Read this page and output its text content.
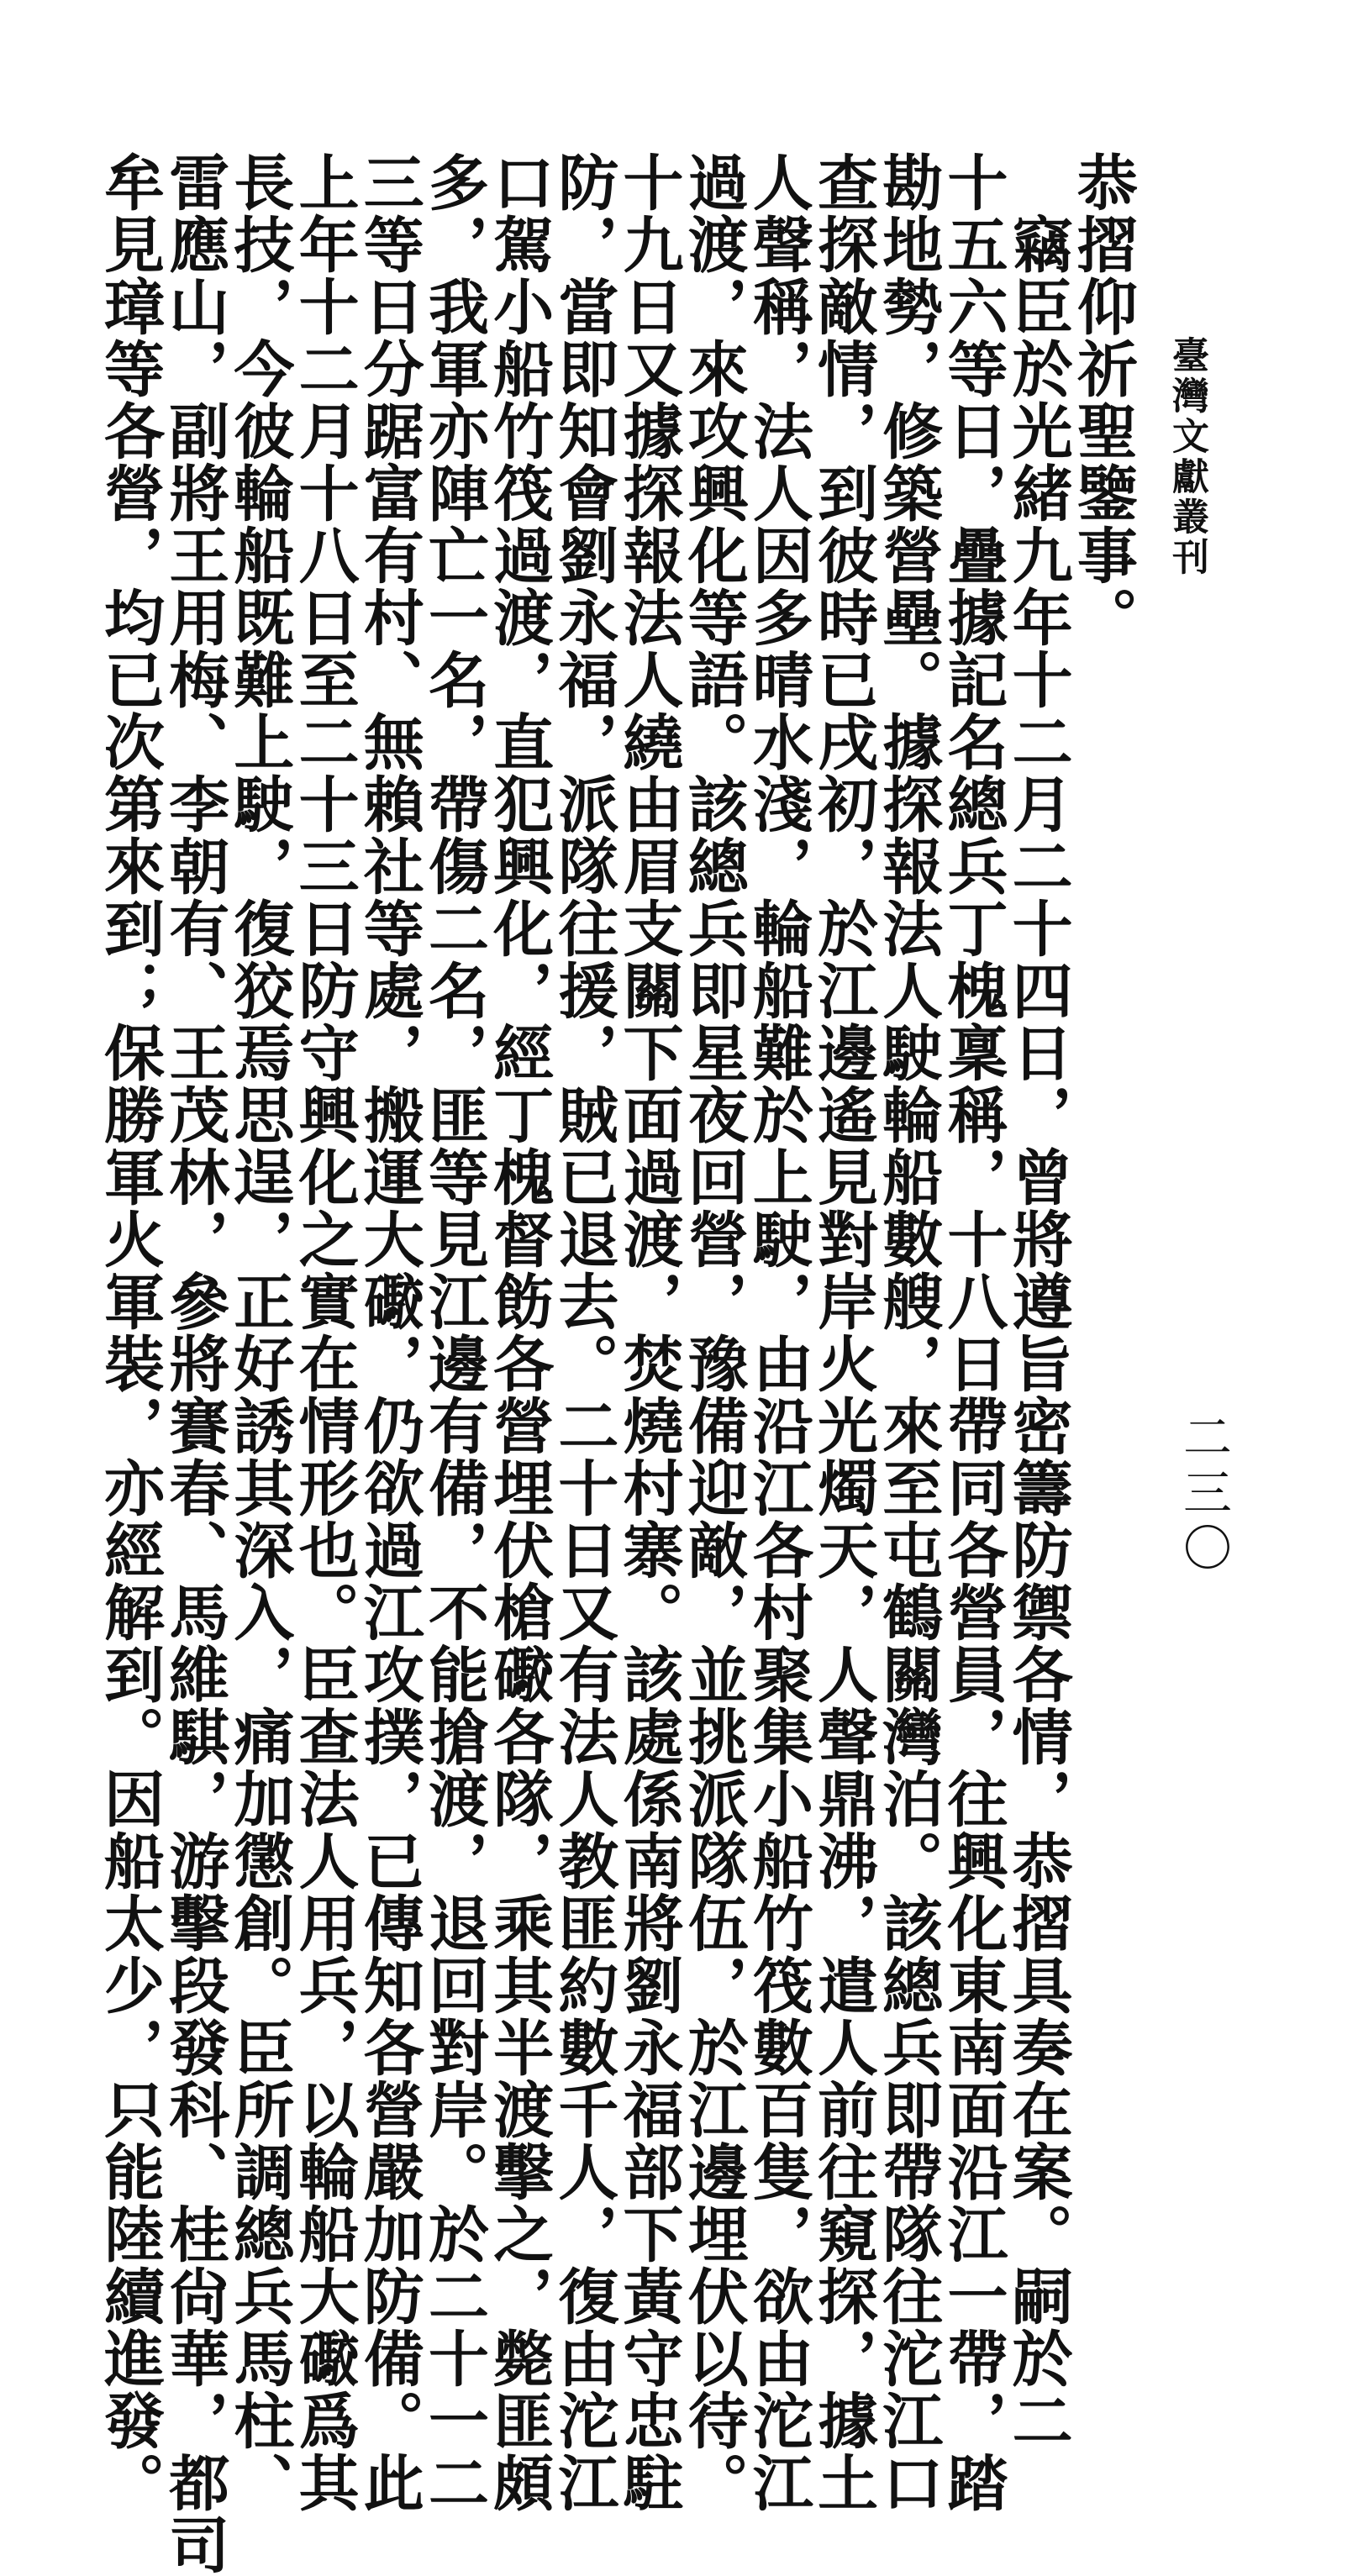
臺灣文獻叢刊
二三〇
恭摺仰祈聖鑒事。
　竊臣於光緒九年十二月二十四日，曾將遵旨密籌防禦各情，恭摺具奏在案。嗣於二
十五六等日，疊據記名總兵丁槐稟稱，十八日帶同各營員，往興化東南面沿江一帶，踏
勘地勢，修築營壘。據探報法人駛輪船數艘，來至屯鶴關灣泊。該總兵即帶隊往沱江口
查探敵情，到彼時已戌初，於江邊遙見對岸火光燭天，人聲鼎沸，遣人前往窺探，據土
人聲稱，法人因多晴水淺，輪船難於上駛，由沿江各村聚集小船竹筏數百隻，欲由沱江
過渡，來攻興化等語。該總兵即星夜回營，豫備迎敵，並挑派隊伍，於江邊埋伏以待。
十九日又據探報法人繞由眉支關下面過渡，焚燒村寨。該處係南將劉永福部下黃守忠駐
防，當即知會劉永福，派隊往援，賊已退去。二十日又有法人教匪約數千人，復由沱江
口駕小船竹筏過渡，直犯興化，經丁槐督飭各營埋伏槍礮各隊，乘其半渡擊之，斃匪頗
多，我軍亦陣亡一名，帶傷二名，匪等見江邊有備，不能搶渡，退回對岸。於二十一二
三等日分踞富有村、無賴社等處，搬運大礮，仍欲過江攻撲，已傳知各營嚴加防備。此
上年十二月十八日至二十三日防守興化之實在情形也。臣查法人用兵，以輪船大礮爲其
長技，今彼輪船既難上駛，復狡焉思逞，正好誘其深入，痛加懲創。臣所調總兵馬柱、
雷應山，副將王用梅、李朝有、王茂林，參將賽春、馬維騏，游擊段發科、桂尙華，都司
牟見璋等各營，均已次第來到；保勝軍火軍裝，亦經解到。因船太少，只能陸續進發。
